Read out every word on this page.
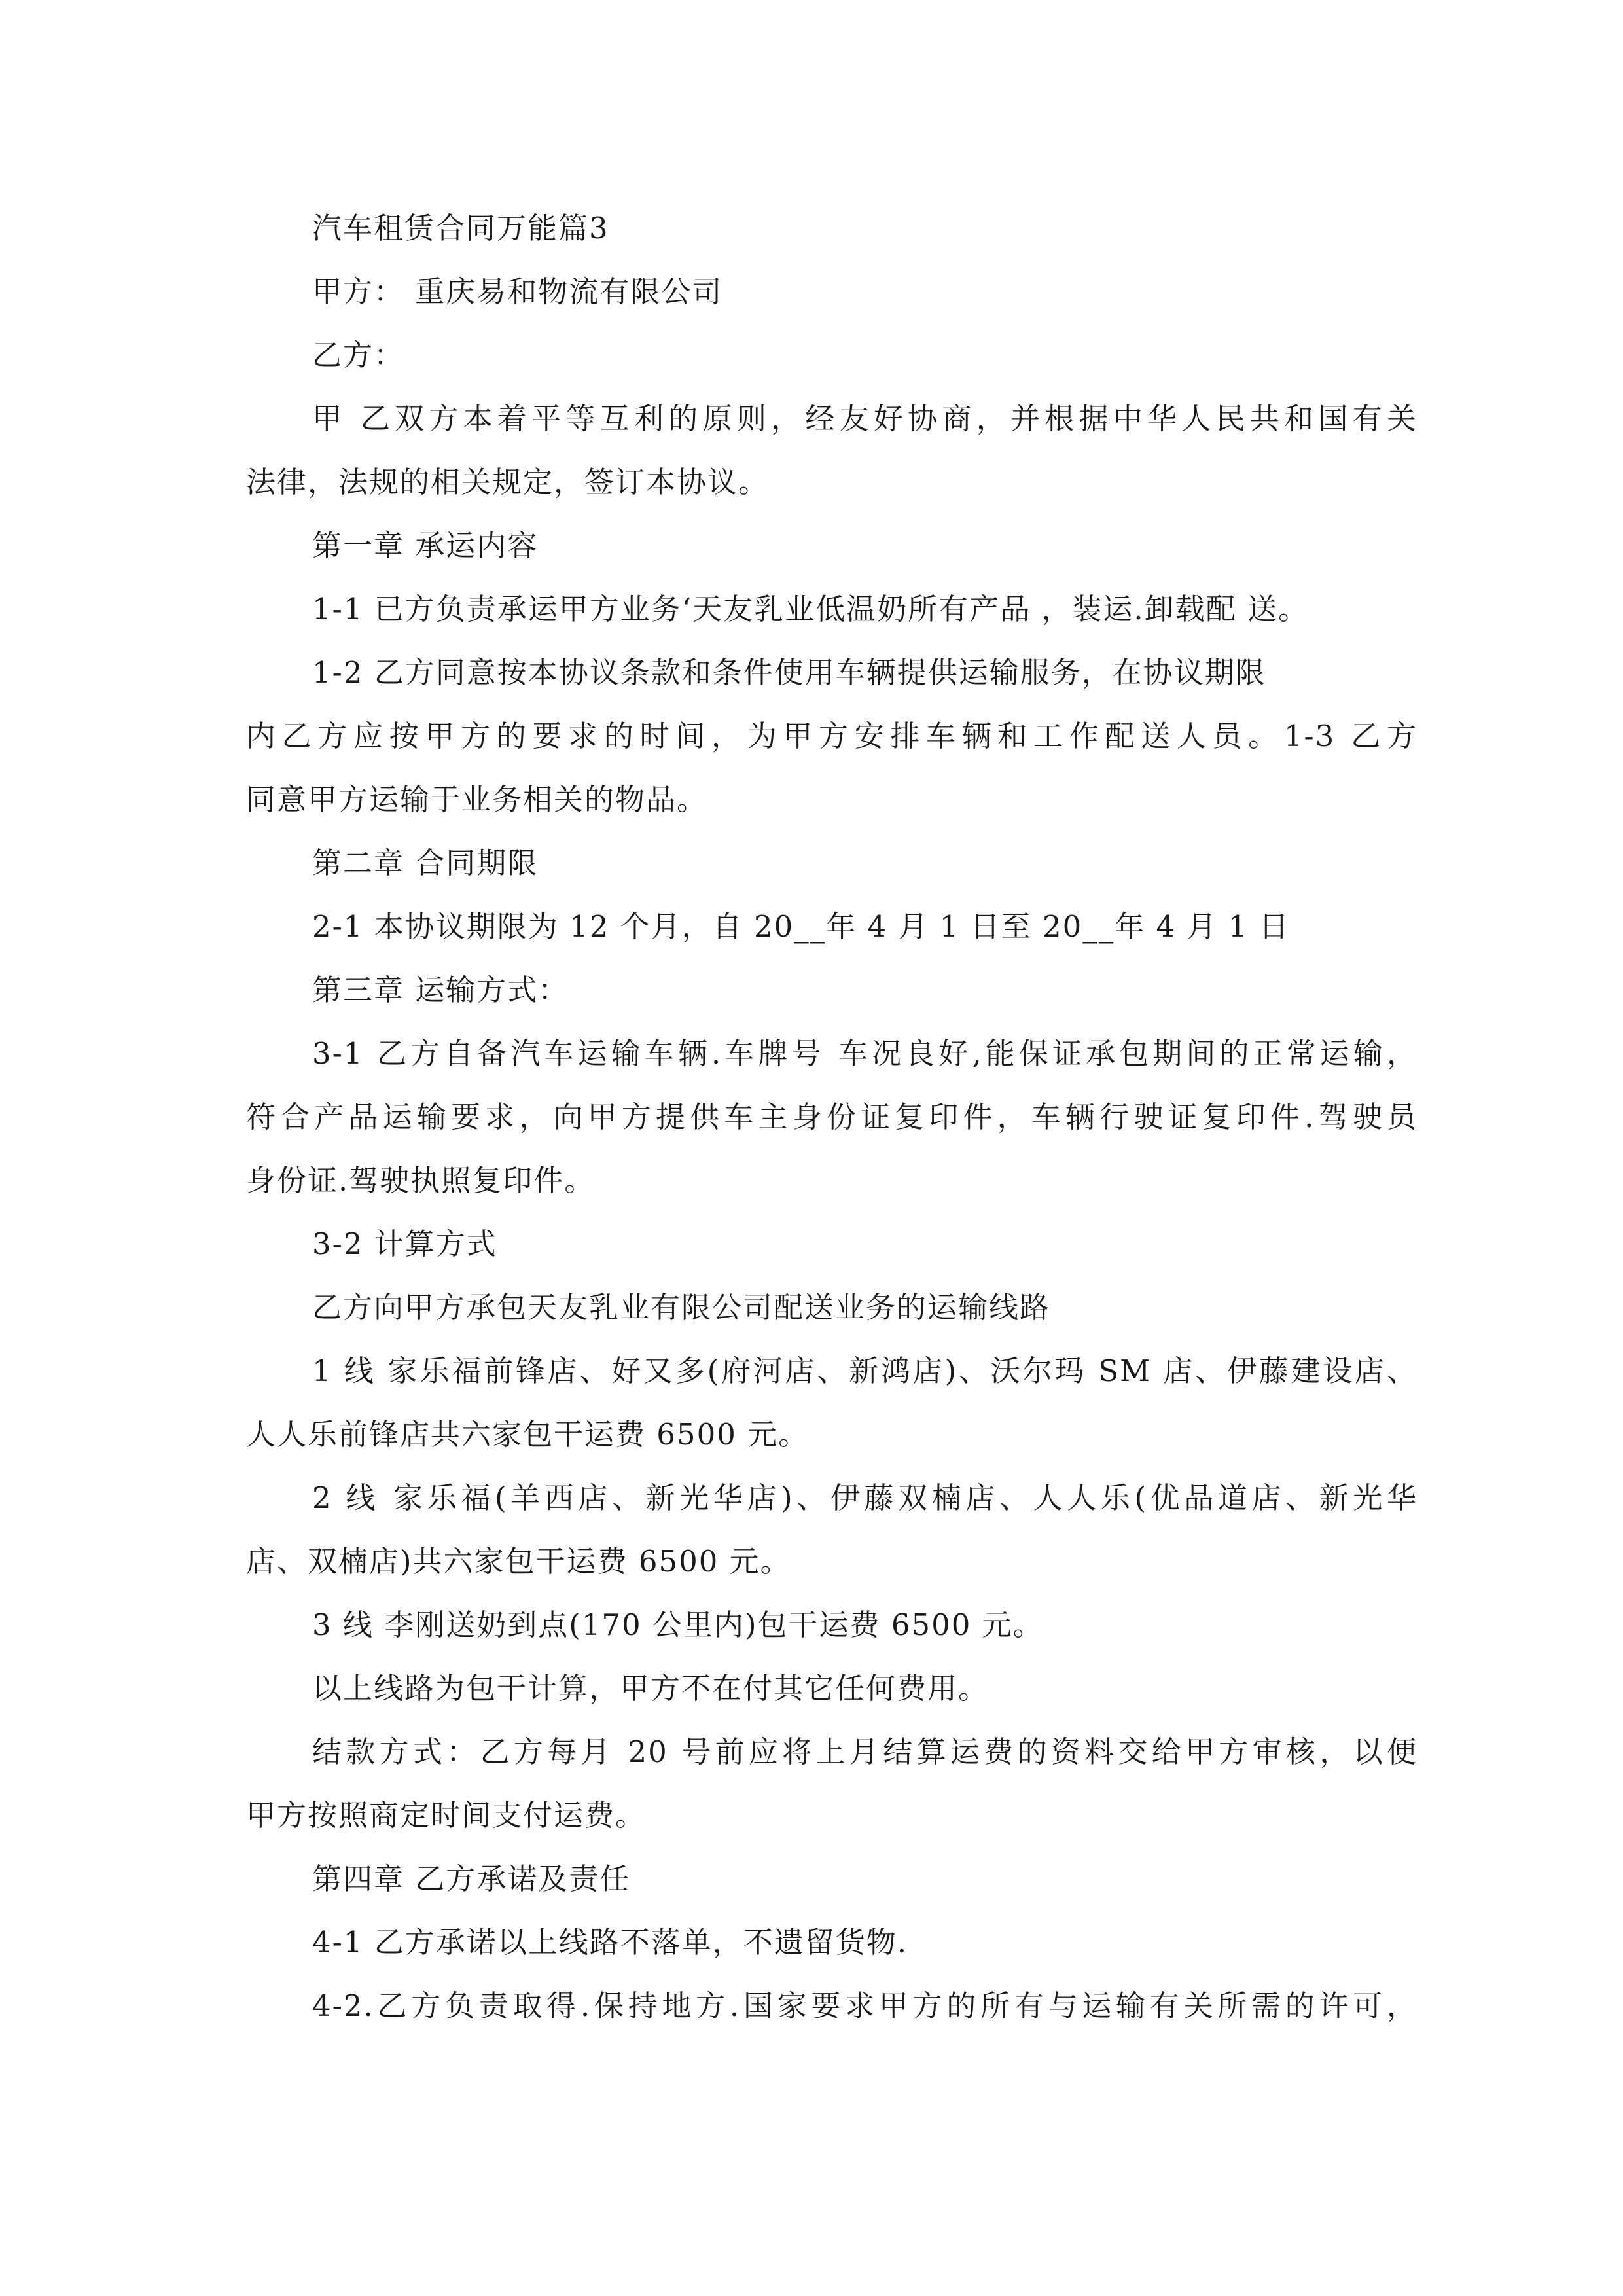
汽车租赁合同万能篇3
甲方： 重庆易和物流有限公司
乙方：
甲 乙双方本着平等互利的原则，经友好协商，并根据中华人民共和国有关
法律，法规的相关规定，签订本协议。
第一章 承运内容
1-1 已方负责承运甲方业务‘天友乳业低温奶所有产品 ，装运.卸载配 送。
1-2 乙方同意按本协议条款和条件使用车辆提供运输服务，在协议期限
内乙方应按甲方的要求的时间，为甲方安排车辆和工作配送人员。1-3 乙方
同意甲方运输于业务相关的物品。
第二章 合同期限
2-1 本协议期限为 12 个月，自 20__年 4 月 1 日至 20__年 4 月 1 日
第三章 运输方式：
3-1 乙方自备汽车运输车辆.车牌号 车况良好,能保证承包期间的正常运输，
符合产品运输要求，向甲方提供车主身份证复印件，车辆行驶证复印件.驾驶员
身份证.驾驶执照复印件。
3-2 计算方式
乙方向甲方承包天友乳业有限公司配送业务的运输线路
1 线 家乐福前锋店、好又多(府河店、新鸿店)、沃尔玛 SM 店、伊藤建设店、
人人乐前锋店共六家包干运费 6500 元。
2 线 家乐福(羊西店、新光华店)、伊藤双楠店、人人乐(优品道店、新光华
店、双楠店)共六家包干运费 6500 元。
3 线 李刚送奶到点(170 公里内)包干运费 6500 元。
以上线路为包干计算，甲方不在付其它任何费用。
结款方式：乙方每月 20 号前应将上月结算运费的资料交给甲方审核，以便
甲方按照商定时间支付运费。
第四章 乙方承诺及责任
4-1 乙方承诺以上线路不落单，不遗留货物.
4-2.乙方负责取得.保持地方.国家要求甲方的所有与运输有关所需的许可，
